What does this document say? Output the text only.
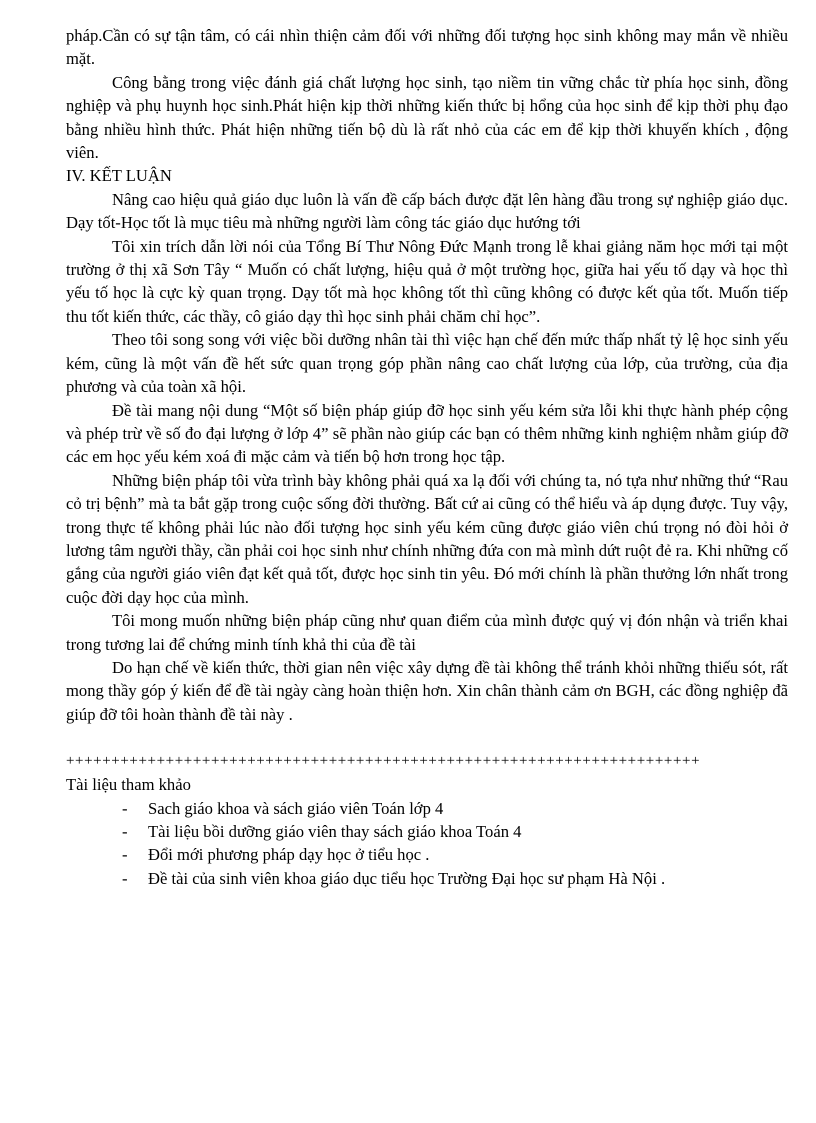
pháp.Cần có sự tận tâm, có cái nhìn thiện cảm đối với những đối tượng học sinh không may mắn về nhiều mặt.

Công bằng trong việc đánh giá chất lượng học sinh, tạo niềm tin vững chắc từ phía học sinh, đồng nghiệp và phụ huynh học sinh.Phát hiện kịp thời những kiến thức bị hổng của học sinh để kịp thời phụ đạo bằng nhiều hình thức. Phát hiện những tiến bộ dù là rất nhỏ của các em để kịp thời khuyến khích , động viên.

IV. KẾT LUẬN

Nâng cao hiệu quả giáo dục luôn là vấn đề cấp bách được đặt lên hàng đầu trong sự nghiệp giáo dục. Dạy tốt-Học tốt là mục tiêu mà những người làm công tác giáo dục hướng tới

Tôi xin trích dẫn lời nói của Tổng Bí Thư Nông Đức Mạnh trong lễ khai giảng năm học mới tại một trường ở thị xã Sơn Tây “ Muốn có chất lượng, hiệu quả ở một trường học, giữa hai yếu tố dạy và học thì yếu tố học là cực kỳ quan trọng. Dạy tốt mà học không tốt thì cũng không có được kết qủa tốt. Muốn tiếp thu tốt kiến thức, các thầy, cô giáo dạy thì học sinh phải chăm chỉ học”.

Theo tôi song song với việc bồi dưỡng nhân tài thì việc hạn chế đến mức thấp nhất tỷ lệ học sinh yếu kém, cũng là một vấn đề hết sức quan trọng góp phần nâng cao chất lượng của lớp, của trường, của địa phương và của toàn xã hội.

Đề tài mang nội dung “Một số biện pháp giúp đỡ học sinh yếu kém sửa lỗi khi thực hành phép cộng và phép trừ về số đo đại lượng ở lớp 4” sẽ phần nào giúp các bạn có thêm những kinh nghiệm nhằm giúp đỡ các em học yếu kém xoá đi mặc cảm và tiến bộ hơn trong học tập.

Những biện pháp tôi vừa trình bày không phải quá xa lạ đối với chúng ta, nó tựa như những thứ “Rau cỏ trị bệnh” mà ta bắt gặp trong cuộc sống đời thường. Bất cứ ai cũng có thể hiểu và áp dụng được. Tuy vậy, trong thực tế không phải lúc nào đối tượng học sinh yếu kém cũng được giáo viên chú trọng nó đòi hỏi ở lương tâm người thầy, cần phải coi học sinh như chính những đứa con mà mình dứt ruột đẻ ra. Khi những cố gắng của người giáo viên đạt kết quả tốt, được học sinh tin yêu. Đó mới chính là phần thưởng lớn nhất trong cuộc đời dạy học của mình.

Tôi mong muốn những biện pháp cũng như quan điểm của mình được quý vị đón nhận và triển khai trong tương lai để chứng minh tính khả thi của đề tài

Do hạn chế về kiến thức, thời gian nên việc xây dựng đề tài không thể tránh khỏi những thiếu sót, rất mong thầy góp ý kiến để đề tài ngày càng hoàn thiện hơn. Xin chân thành cảm ơn BGH, các đồng nghiệp đã giúp đỡ tôi hoàn thành đề tài này .

++++++++++++++++++++++++++++++++++++++++++++++++++++++++++++++++++++++

Tài liệu tham khảo

- Sach giáo khoa và sách giáo viên Toán lớp 4
- Tài liệu bồi dưỡng giáo viên thay sách giáo khoa Toán 4
- Đổi mới phương pháp dạy học ở tiểu học .
- Đề tài của sinh viên khoa giáo dục tiểu học Trường Đại học sư phạm Hà Nội .
